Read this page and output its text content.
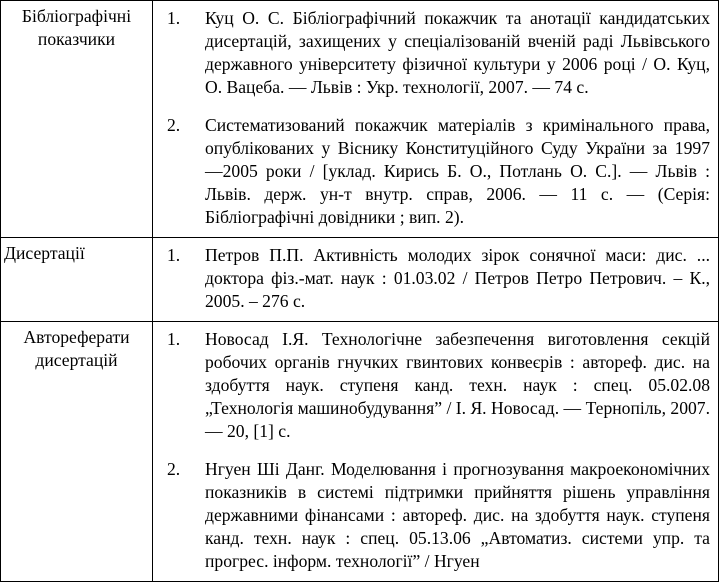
Бібліографічні показчики	1. Куц О. С. Бібліографічний покажчик та анотації кандидатських дисертацій, захищених у спеціалізованій вченій раді Львівського державного університету фізичної культури у 2006 році / О. Куц, О. Вацеба. — Львів : Укр. технології, 2007. — 74 с.
2. Систематизований покажчик матеріалів з кримінального права, опублікованих у Віснику Конституційного Суду України за 1997 —2005 роки / [уклад. Кирись Б. О., Потлань О. С.]. — Львів : Львів. держ. ун-т внутр. справ, 2006. — 11 с. — (Серія: Бібліографічні довідники ; вип. 2).

Дисертації	1. Петров П.П. Активність молодих зірок сонячної маси: дис. ... доктора фіз.-мат. наук : 01.03.02 / Петров Петро Петрович. – К., 2005. – 276 с.

Автореферати дисертацій	1. Новосад І.Я. Технологічне забезпечення виготовлення секцій робочих органів гнучких гвинтових конвеєрів : автореф. дис. на здобуття наук. ступеня канд. техн. наук : спец. 05.02.08 „Технологія машинобудування” / І. Я. Новосад. — Тернопіль, 2007. — 20, [1] с.
2. Нгуен Ші Данг. Моделювання і прогнозування макроекономічних показників в системі підтримки прийняття рішень управління державними фінансами : автореф. дис. на здобуття наук. ступеня канд. техн. наук : спец. 05.13.06 „Автоматиз. системи упр. та прогрес. інформ. технології” / Нгуен
